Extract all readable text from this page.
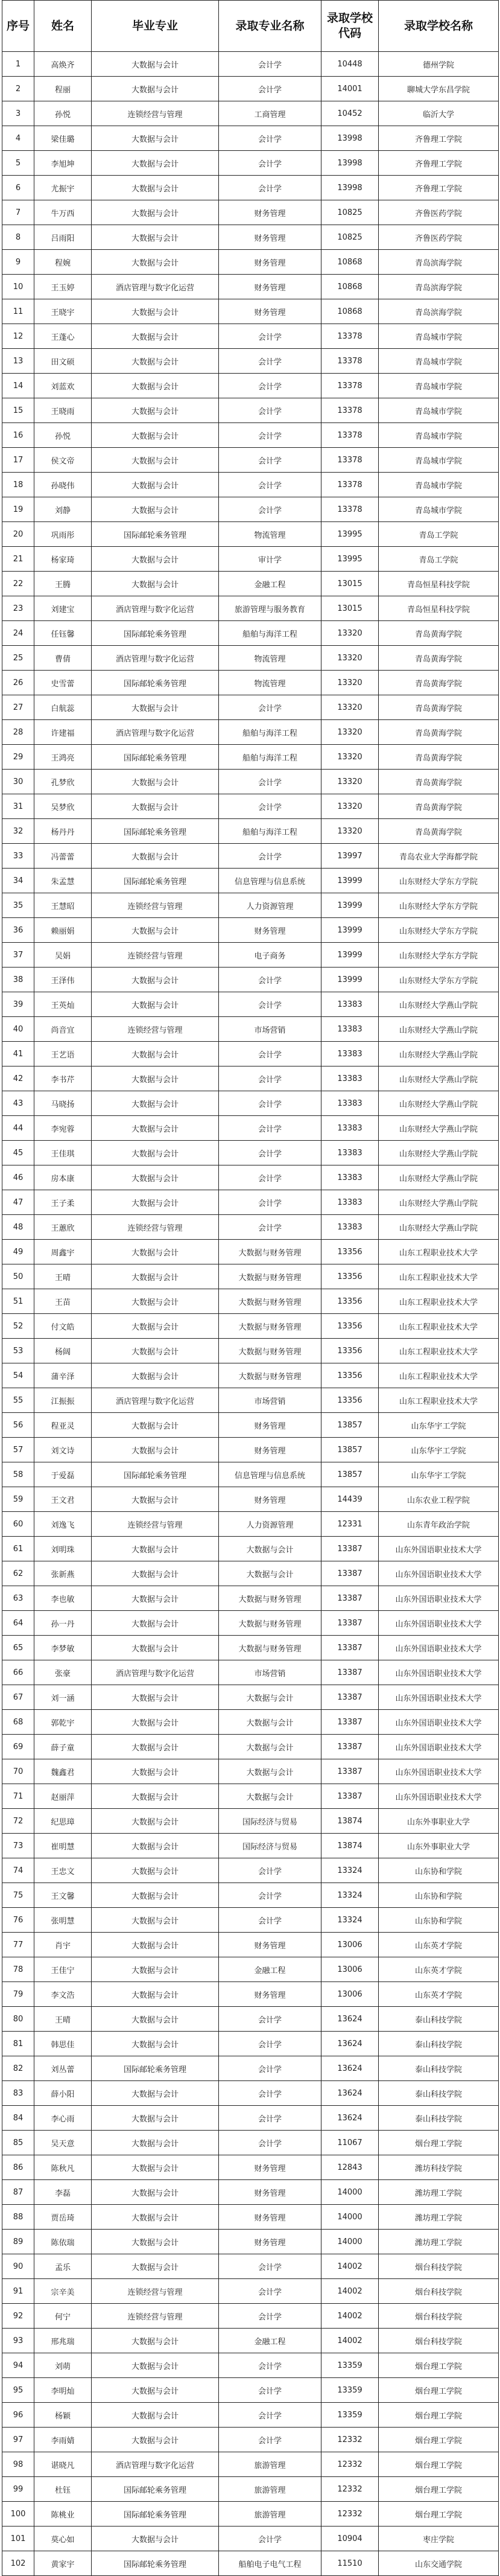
序号	姓名	毕业专业	录取专业名称	录取学校代码	录取学校名称
1	高焕齐	大数据与会计	会计学	10448	德州学院
2	程丽	大数据与会计	会计学	14001	聊城大学东昌学院
3	孙悦	连锁经营与管理	工商管理	10452	临沂大学
4	梁佳璐	大数据与会计	会计学	13998	齐鲁理工学院
5	李旭坤	大数据与会计	会计学	13998	齐鲁理工学院
6	尤振宇	大数据与会计	会计学	13998	齐鲁理工学院
7	牛万西	大数据与会计	财务管理	10825	齐鲁医药学院
8	吕雨阳	大数据与会计	财务管理	10825	齐鲁医药学院
9	程婉	大数据与会计	财务管理	10868	青岛滨海学院
10	王玉婷	酒店管理与数字化运营	财务管理	10868	青岛滨海学院
11	王晓宇	大数据与会计	财务管理	10868	青岛滨海学院
12	王蓬心	大数据与会计	会计学	13378	青岛城市学院
13	田文硕	大数据与会计	会计学	13378	青岛城市学院
14	刘蓝欢	大数据与会计	会计学	13378	青岛城市学院
15	王晓雨	大数据与会计	会计学	13378	青岛城市学院
16	孙悦	大数据与会计	会计学	13378	青岛城市学院
17	侯文帝	大数据与会计	会计学	13378	青岛城市学院
18	孙晓伟	大数据与会计	会计学	13378	青岛城市学院
19	刘静	大数据与会计	会计学	13378	青岛城市学院
20	巩雨彤	国际邮轮乘务管理	物流管理	13995	青岛工学院
21	杨家琦	大数据与会计	审计学	13995	青岛工学院
22	王腾	大数据与会计	金融工程	13015	青岛恒星科技学院
23	刘建宝	酒店管理与数字化运营	旅游管理与服务教育	13015	青岛恒星科技学院
24	任钰馨	国际邮轮乘务管理	船舶与海洋工程	13320	青岛黄海学院
25	曹倩	酒店管理与数字化运营	物流管理	13320	青岛黄海学院
26	史雪蕾	国际邮轮乘务管理	物流管理	13320	青岛黄海学院
27	白航蕊	大数据与会计	会计学	13320	青岛黄海学院
28	许建福	酒店管理与数字化运营	船舶与海洋工程	13320	青岛黄海学院
29	王鸿亮	国际邮轮乘务管理	船舶与海洋工程	13320	青岛黄海学院
30	孔梦欣	大数据与会计	会计学	13320	青岛黄海学院
31	吴梦欣	大数据与会计	会计学	13320	青岛黄海学院
32	杨丹丹	国际邮轮乘务管理	船舶与海洋工程	13320	青岛黄海学院
33	冯蕾蕾	大数据与会计	会计学	13997	青岛农业大学海都学院
34	朱孟慧	国际邮轮乘务管理	信息管理与信息系统	13999	山东财经大学东方学院
35	王慧昭	连锁经营与管理	人力资源管理	13999	山东财经大学东方学院
36	赖丽娟	大数据与会计	财务管理	13999	山东财经大学东方学院
37	吴娟	连锁经营与管理	电子商务	13999	山东财经大学东方学院
38	王泽伟	大数据与会计	会计学	13999	山东财经大学东方学院
39	王英灿	大数据与会计	会计学	13383	山东财经大学燕山学院
40	尚音宜	连锁经营与管理	市场营销	13383	山东财经大学燕山学院
41	王艺语	大数据与会计	会计学	13383	山东财经大学燕山学院
42	李书芹	大数据与会计	会计学	13383	山东财经大学燕山学院
43	马晓扬	大数据与会计	会计学	13383	山东财经大学燕山学院
44	李宛蓉	大数据与会计	会计学	13383	山东财经大学燕山学院
45	王佳琪	大数据与会计	会计学	13383	山东财经大学燕山学院
46	房本康	大数据与会计	会计学	13383	山东财经大学燕山学院
47	王子柔	大数据与会计	会计学	13383	山东财经大学燕山学院
48	王蕙欣	连锁经营与管理	会计学	13383	山东财经大学燕山学院
49	周鑫宇	大数据与会计	大数据与财务管理	13356	山东工程职业技术大学
50	王晴	大数据与会计	大数据与财务管理	13356	山东工程职业技术大学
51	王苗	大数据与会计	大数据与财务管理	13356	山东工程职业技术大学
52	付文皓	大数据与会计	大数据与财务管理	13356	山东工程职业技术大学
53	杨阔	大数据与会计	大数据与财务管理	13356	山东工程职业技术大学
54	蒲辛泽	大数据与会计	大数据与财务管理	13356	山东工程职业技术大学
55	江振振	酒店管理与数字化运营	市场营销	13356	山东工程职业技术大学
56	程亚灵	大数据与会计	财务管理	13857	山东华宇工学院
57	刘文诗	大数据与会计	财务管理	13857	山东华宇工学院
58	于爱磊	国际邮轮乘务管理	信息管理与信息系统	13857	山东华宇工学院
59	王文君	大数据与会计	财务管理	14439	山东农业工程学院
60	刘逸飞	连锁经营与管理	人力资源管理	12331	山东青年政治学院
61	刘明珠	大数据与会计	大数据与会计	13387	山东外国语职业技术大学
62	张新燕	大数据与会计	大数据与会计	13387	山东外国语职业技术大学
63	李也敏	大数据与会计	大数据与财务管理	13387	山东外国语职业技术大学
64	孙一丹	大数据与会计	大数据与财务管理	13387	山东外国语职业技术大学
65	李梦敏	大数据与会计	大数据与财务管理	13387	山东外国语职业技术大学
66	张豪	酒店管理与数字化运营	市场营销	13387	山东外国语职业技术大学
67	刘一涵	大数据与会计	大数据与会计	13387	山东外国语职业技术大学
68	郭乾宇	大数据与会计	大数据与会计	13387	山东外国语职业技术大学
69	薛子童	大数据与会计	大数据与会计	13387	山东外国语职业技术大学
70	魏鑫君	大数据与会计	大数据与会计	13387	山东外国语职业技术大学
71	赵丽萍	大数据与会计	大数据与会计	13387	山东外国语职业技术大学
72	纪思璋	大数据与会计	国际经济与贸易	13874	山东外事职业大学
73	崔明慧	大数据与会计	国际经济与贸易	13874	山东外事职业大学
74	王忠文	大数据与会计	会计学	13324	山东协和学院
75	王文馨	大数据与会计	会计学	13324	山东协和学院
76	张明慧	大数据与会计	会计学	13324	山东协和学院
77	肖宇	大数据与会计	财务管理	13006	山东英才学院
78	王佳宁	大数据与会计	金融工程	13006	山东英才学院
79	李文浩	大数据与会计	财务管理	13006	山东英才学院
80	王晴	大数据与会计	会计学	13624	泰山科技学院
81	韩思佳	大数据与会计	会计学	13624	泰山科技学院
82	刘丛蕾	国际邮轮乘务管理	会计学	13624	泰山科技学院
83	薛小阳	大数据与会计	会计学	13624	泰山科技学院
84	李心雨	大数据与会计	会计学	13624	泰山科技学院
85	吴天意	大数据与会计	会计学	11067	烟台理工学院
86	陈秋凡	大数据与会计	财务管理	12843	潍坊科技学院
87	李磊	大数据与会计	财务管理	14000	潍坊理工学院
88	贾岳琦	大数据与会计	财务管理	14000	潍坊理工学院
89	陈依瑞	大数据与会计	财务管理	14000	潍坊理工学院
90	孟乐	大数据与会计	会计学	14002	烟台科技学院
91	宗辛美	连锁经营与管理	会计学	14002	烟台科技学院
92	何宁	连锁经营与管理	会计学	14002	烟台科技学院
93	邢兆瑞	大数据与会计	金融工程	14002	烟台科技学院
94	刘萌	大数据与会计	会计学	13359	烟台理工学院
95	李明灿	大数据与会计	会计学	13359	烟台理工学院
96	杨颖	大数据与会计	会计学	13359	烟台理工学院
97	李雨婧	大数据与会计	会计学	12332	烟台理工学院
98	谌晓凡	酒店管理与数字化运营	旅游管理	12332	烟台理工学院
99	杜钰	国际邮轮乘务管理	旅游管理	12332	烟台理工学院
100	陈桃业	国际邮轮乘务管理	旅游管理	12332	烟台理工学院
101	莫心如	大数据与会计	会计学	10904	枣庄学院
102	黄家宇	国际邮轮乘务管理	船舶电子电气工程	11510	山东交通学院
